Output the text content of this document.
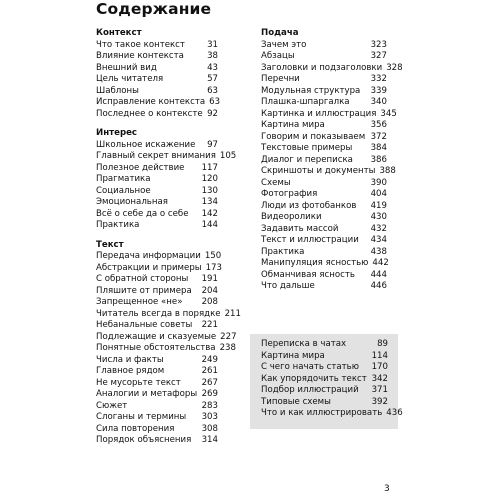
Содержание
Контекст
Что такое контекст	31
Влияние контекста	38
Внешний вид	43
Цель читателя	57
Шаблоны	63
Исправление контекста 63
Последнее о контексте 92
Интерес
Школьное искажение	97
Главный секрет внимания 105
Полезное действие	117
Прагматика	120
Социальное	130
Эмоциональная	134
Всё о себе да о себе	142
Практика	144
Текст
Передача информации 150
Абстракции и примеры 173
С обратной стороны	191
Пляшите от примера	204
Запрещенное «не»	208
Читатель всегда в порядке 211
Небанальные советы	221
Подлежащие и сказуемые 227
Понятные обстоятельства 238
Числа и факты	249
Главное рядом	261
Не мусорьте текст	267
Аналогии и метафоры 269
Сюжет	283
Слоганы и термины	303
Сила повторения	308
Порядок объяснения	314
Подача
Зачем это	323
Абзацы	327
Заголовки и подзаголовки 328
Перечни	332
Модульная структура	339
Плашка-шпаргалка	340
Картинка и иллюстрация 345
Картина мира	356
Говорим и показываем 372
Текстовые примеры	384
Диалог и переписка	386
Скриншоты и документы 388
Схемы	390
Фотография	404
Люди из фотобанков	419
Видеоролики	430
Задавить массой	432
Текст и иллюстрации	434
Практика	438
Манипуляция ясностью 442
Обманчивая ясность	444
Что дальше	446
Переписка в чатах	89
Картина мира	114
С чего начать статью	170
Как упорядочить текст 342
Подбор иллюстраций	371
Типовые схемы	392
Что и как иллюстрировать 436
3
